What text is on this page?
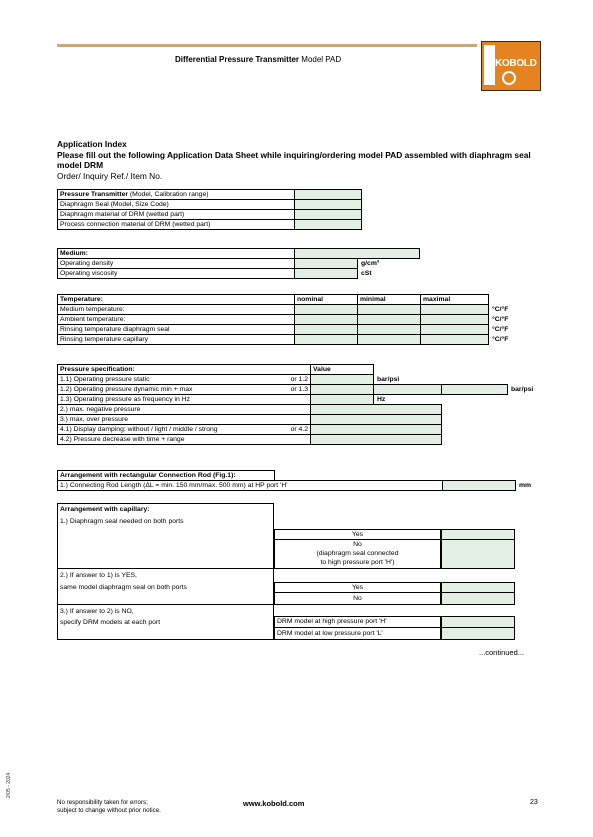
Differential Pressure Transmitter Model PAD	KOBOLD
Application Index
Please fill out the following Application Data Sheet while inquiring/ordering model PAD assembled with diaphragm seal model DRM
Order/ Inquiry Ref./ Item No.
Pressure Transmitter (Model, Calibration range)	
Diaphragm Seal (Model, Size Code)	
Diaphragm material of DRM (wetted part)	
Process connection material of DRM (wetted part)	
Medium:			
Operating density		g/cm³	
Operating viscosity		cSt	
Temperature:	nominal	minimal	maximal	
Medium temperature:				°C/°F
Ambient temperature:				°C/°F
Rinsing temperature diaphragm seal				°C/°F
Rinsing temperature capillary				°C/°F
Pressure specification:	Value			
1.1) Operating pressure static or 1.2		bar/psi		
1.2) Operating pressure dynamic min + max or 1.3				bar/psi
1.3) Operating pressure as frequency in Hz		Hz		
2.) max. negative pressure				
3.) max. over pressure				
4.1) Display damping: without / light / middle / strong or 4.2				

4.2) Pressure decrease with time + range				
Arrangement with rectangular Connection Rod (Fig.1):			
1.) Connecting Rod Length (ΔL = min. 150 mm/max. 500 mm) at HP port 'H'			mm
Arrangement with capillary:
1.) Diaphragm seal needed on both ports
Yes
No
(diaphragm seal connected
to high pressure port 'H')
2.) If answer to 1) is YES,
same model diaphragm seal on both ports	Yes
No
3.) If answer to 2) is NO,
specify DRM models at each port	DRM model at high pressure port 'H'
DRM model at low pressure port 'L'
...continued...
2/05 - 2024
No responsibility taken for errors;
subject to change without prior notice.
www.kobold.com	23
